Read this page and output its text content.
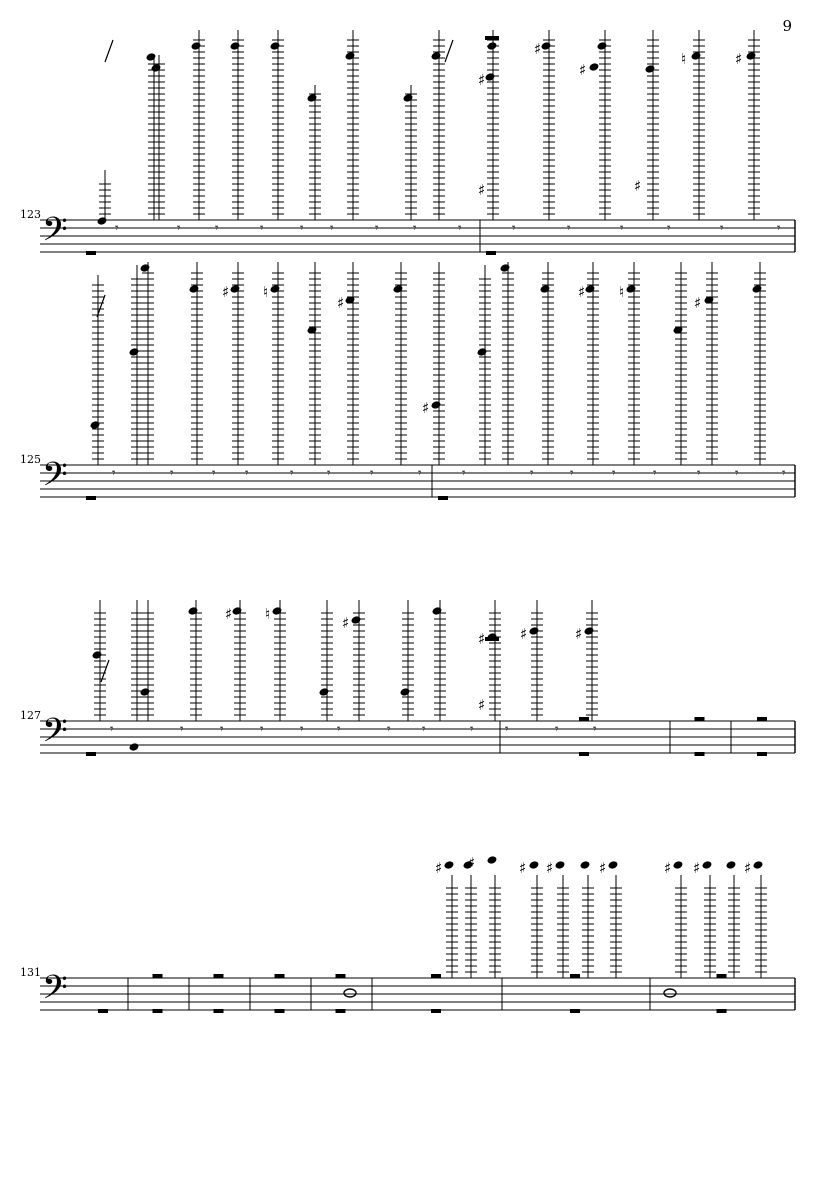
9
𝄢
123
𝄾	𝄾	𝄾	𝄾	𝄾 𝄾	𝄾	𝄾	𝄾	𝄾	𝄾	𝄾	𝄾	𝄾	𝄾
♯
♯
♯
♯
♯
♮	♯
𝄢
125
𝄾	𝄾	𝄾 𝄾	𝄾	𝄾	𝄾	𝄾	𝄾	𝄾	𝄾	𝄾	𝄾	𝄾	𝄾	𝄾
♯ ♮
♯
♯
♯ ♮
♯
𝄢
127
𝄾	𝄾	𝄾	𝄾	𝄾	𝄾	𝄾 𝄾	𝄾 𝄾	𝄾	𝄾
♯ ♮	♯
♯
♯
♯	♯
𝄢
131
♯ ♯	♯ ♯	♯	♯ ♯	♯
